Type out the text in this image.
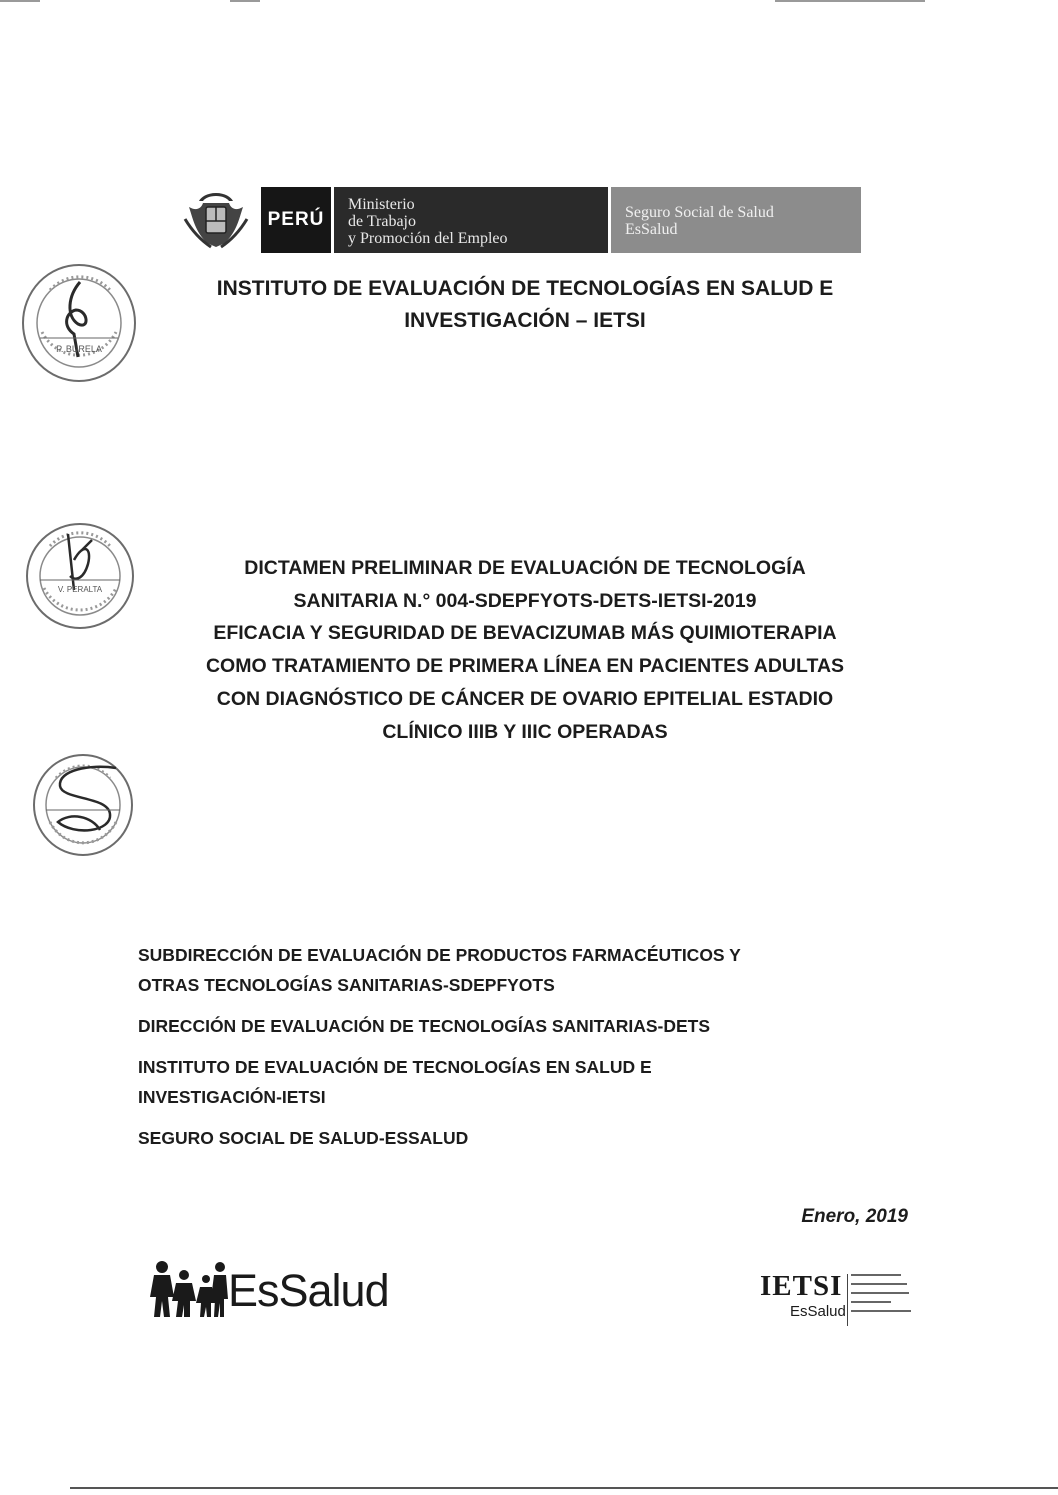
PERÚ
Ministerio
de Trabajo
y Promoción del Empleo
Seguro Social de Salud
EsSalud
INSTITUTO DE EVALUACIÓN DE TECNOLOGÍAS EN SALUD E
INVESTIGACIÓN – IETSI
P. BURELA
V. PERALTA
DICTAMEN PRELIMINAR DE EVALUACIÓN DE TECNOLOGÍA
SANITARIA N.° 004-SDEPFYOTS-DETS-IETSI-2019
EFICACIA Y SEGURIDAD DE BEVACIZUMAB MÁS QUIMIOTERAPIA
COMO TRATAMIENTO DE PRIMERA LÍNEA EN PACIENTES ADULTAS
CON DIAGNÓSTICO DE CÁNCER DE OVARIO EPITELIAL ESTADIO
CLÍNICO IIIB Y IIIC OPERADAS
SUBDIRECCIÓN DE EVALUACIÓN DE PRODUCTOS FARMACÉUTICOS Y
OTRAS TECNOLOGÍAS SANITARIAS-SDEPFYOTS
DIRECCIÓN DE EVALUACIÓN DE TECNOLOGÍAS SANITARIAS-DETS
INSTITUTO DE EVALUACIÓN DE TECNOLOGÍAS EN SALUD E
INVESTIGACIÓN-IETSI
SEGURO SOCIAL DE SALUD-ESSALUD
Enero, 2019
EsSalud	IETSI
EsSalud
